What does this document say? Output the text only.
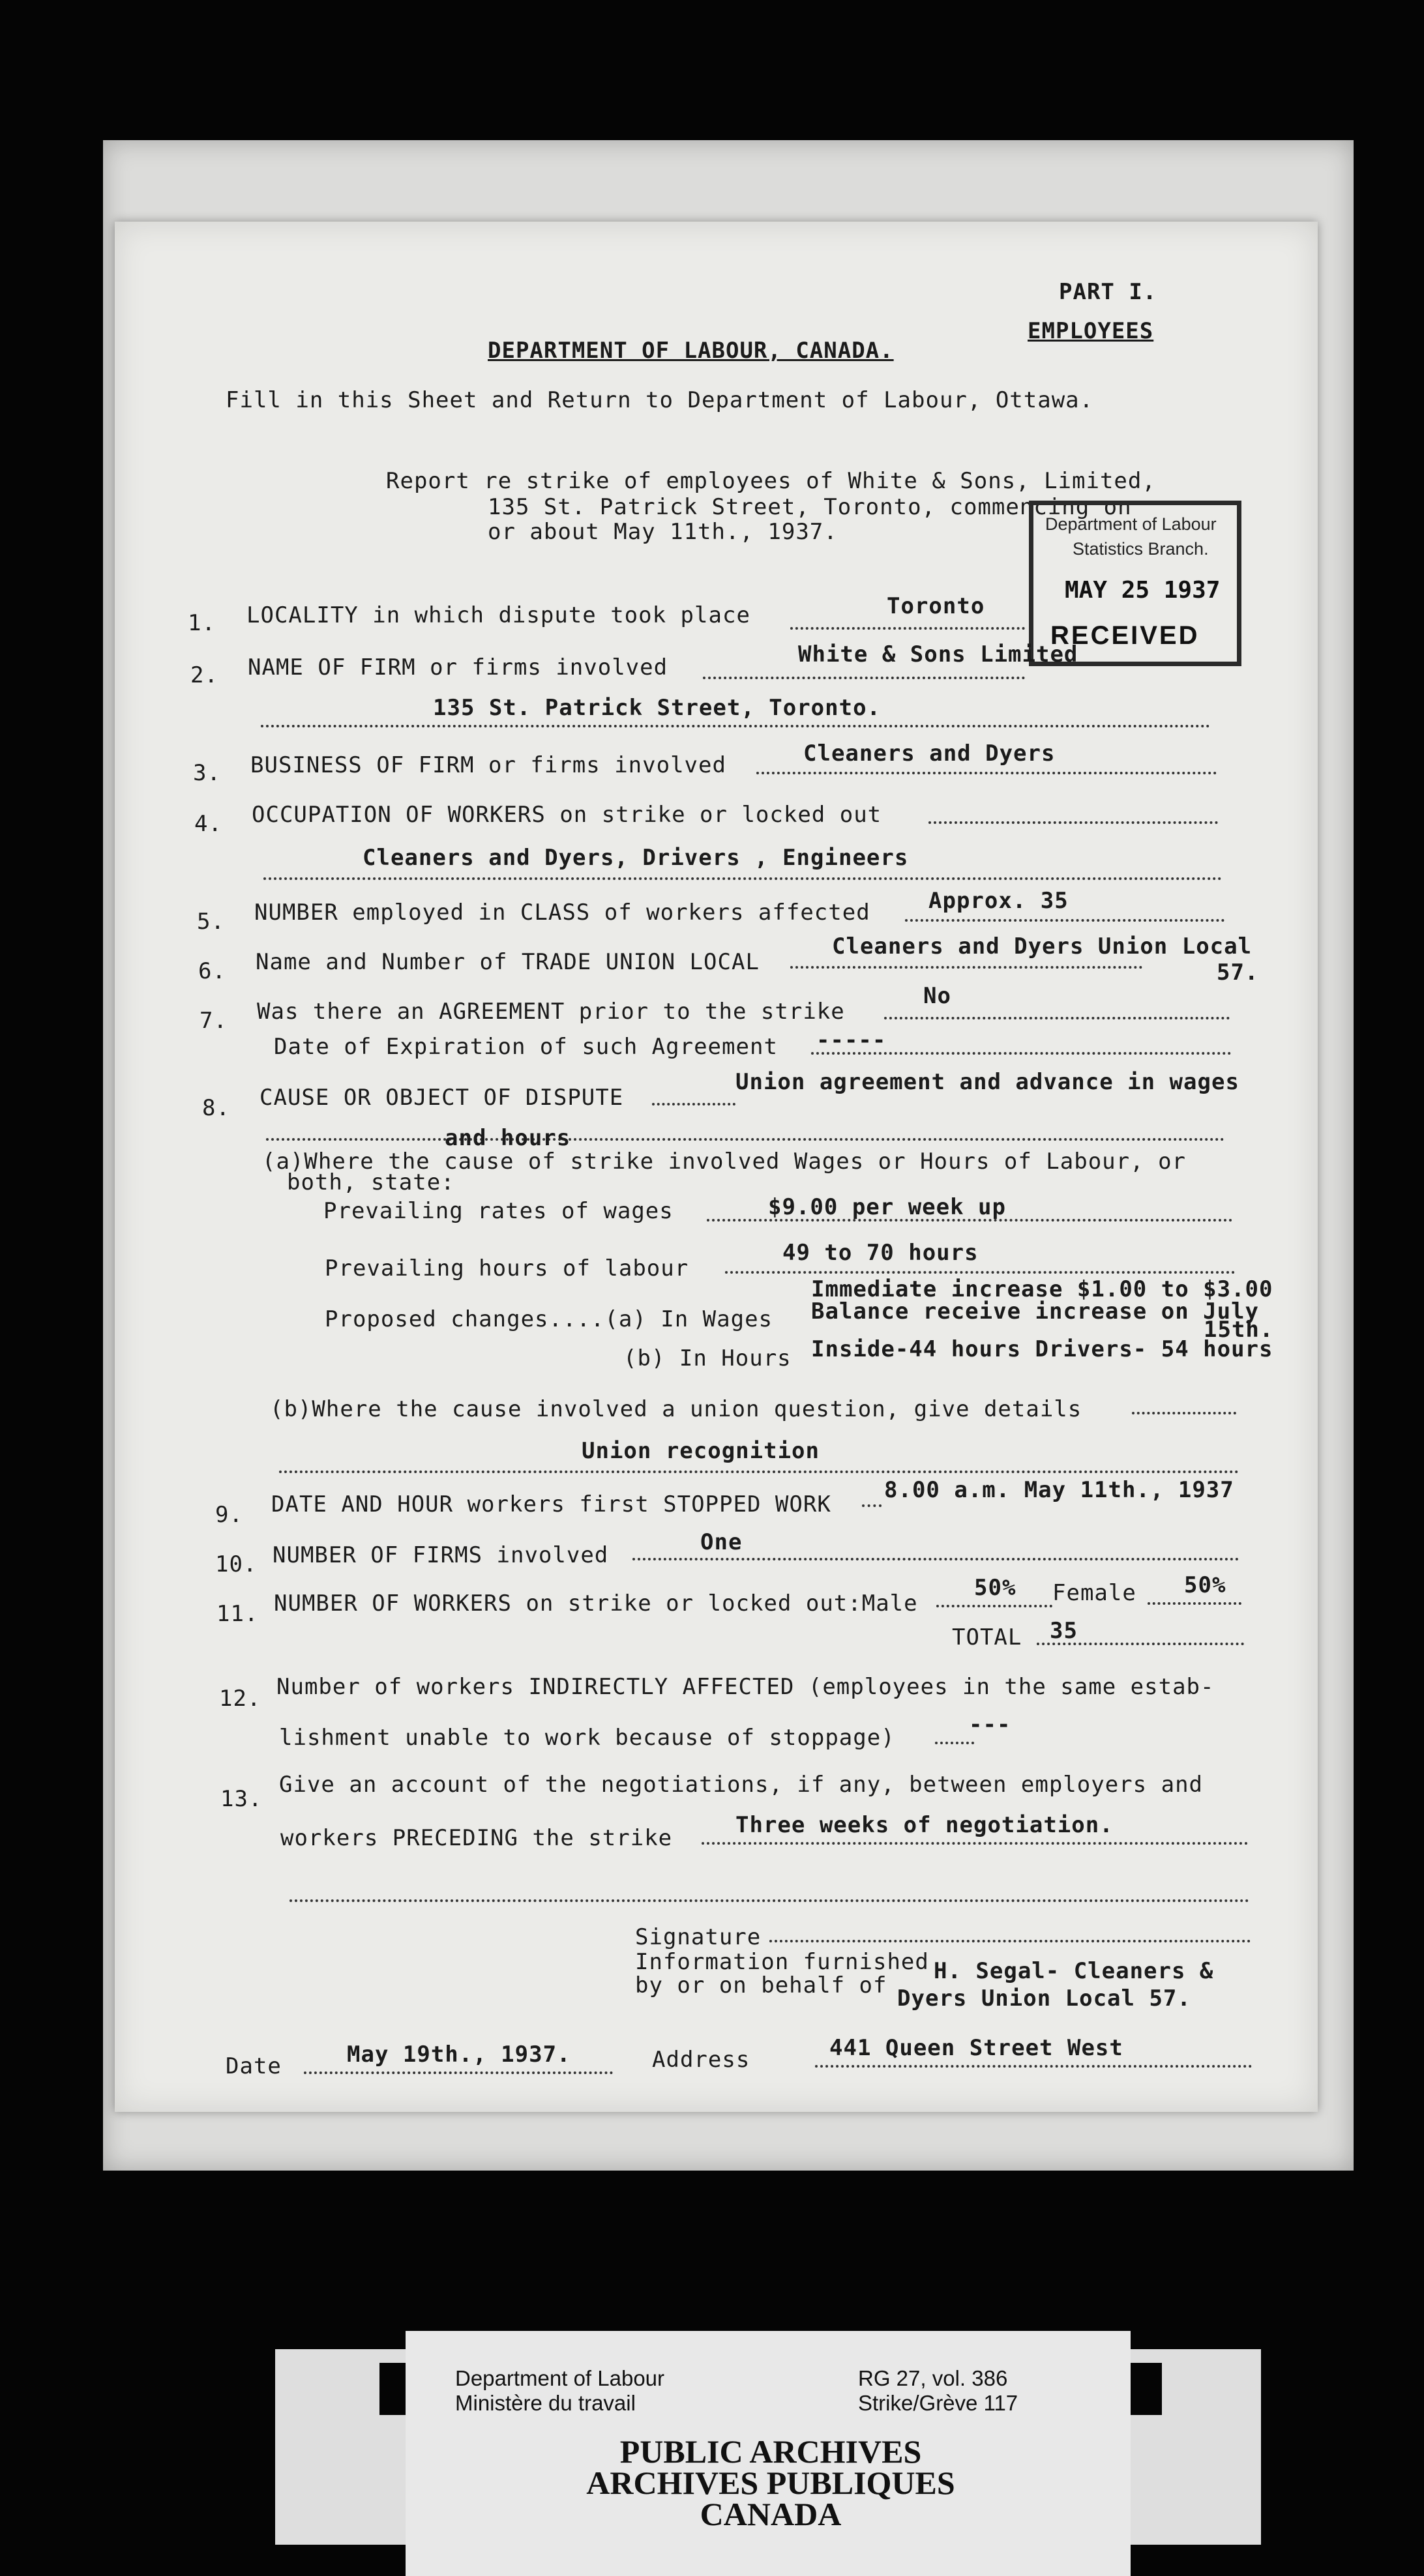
PART I.
EMPLOYEES
DEPARTMENT OF LABOUR, CANADA.
Fill in this Sheet and Return to Department of Labour, Ottawa.
Report re strike of employees of White & Sons, Limited,
135 St. Patrick Street, Toronto, commencing on
or about May 11th., 1937.	Department of Labour
Statistics Branch.
MAY 25 1937
RECEIVED
1. LOCALITY in which dispute took place	Toronto
2. NAME OF FIRM or firms involved	White & Sons Limited
135 St. Patrick Street, Toronto.
3. BUSINESS OF FIRM or firms involved	Cleaners and Dyers
4. OCCUPATION OF WORKERS on strike or locked out
Cleaners and Dyers, Drivers , Engineers
5. NUMBER employed in CLASS of workers affected	Approx. 35
6. Name and Number of TRADE UNION LOCAL
Cleaners and Dyers Union Local
57.
7. Was there an AGREEMENT prior to the strike
No
Date of Expiration of such Agreement -----
8. CAUSE OR OBJECT OF DISPUTE
Union agreement and advance in wages
and hours
(a)Where the cause of strike involved Wages or Hours of Labour, or
both, state:
Prevailing rates of wages	$9.00 per week up
Prevailing hours of labour
49 to 70 hours
Proposed changes....(a) In Wages
Immediate increase $1.00 to $3.00
Balance receive increase on July
15th.
(b) In Hours Inside-44 hours Drivers- 54 hours
(b)Where the cause involved a union question, give details
Union recognition
9. DATE AND HOUR workers first STOPPED WORK
8.00 a.m. May 11th., 1937
10. NUMBER OF FIRMS involved	One
11. NUMBER OF WORKERS on strike or locked out:Male
50% Female 50%
TOTAL 35
12. Number of workers INDIRECTLY AFFECTED (employees in the same estab-
lishment unable to work because of stoppage)	---
13.
Give an account of the negotiations, if any, between employers and
workers PRECEDING the strike	Three weeks of negotiation.
Signature
Information furnished
by or on behalf of
H. Segal- Cleaners &
Dyers Union Local 57.
Date	May 19th., 1937.	Address	441 Queen Street West
Department of Labour
Ministère du travail
RG 27, vol. 386
Strike/Grève 117
PUBLIC ARCHIVES
ARCHIVES PUBLIQUES
CANADA
